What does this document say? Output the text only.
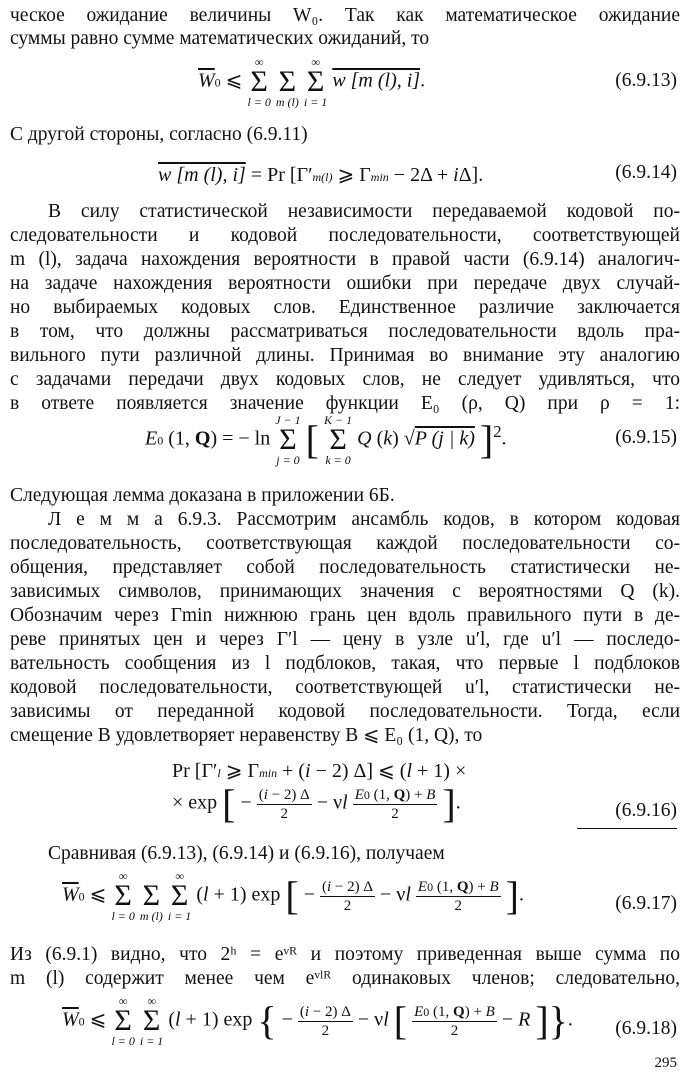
ческое ожидание величины W₀. Так как математическое ожидание
суммы равно сумме математических ожиданий, то
$\overline{W}0$ ⩽
∞
Σ
l = 0

Σ
m (l)

∞
Σ
i = 1
w [m (l), i].	(6.9.13)
С другой стороны, согласно (6.9.11)
w [m (l), i] = Pr [Γ′m(l) ⩾ Γmin − 2Δ + iΔ].	(6.9.14)
В силу статистической независимости передаваемой кодовой по-
следовательности и кодовой последовательности, соответствующей
m (l), задача нахождения вероятности в правой части (6.9.14) аналогич-
на задаче нахождения вероятности ошибки при передаче двух случай-
но выбираемых кодовых слов. Единственное различие заключается
в том, что должны рассматриваться последовательности вдоль пра-
вильного пути различной длины. Принимая во внимание эту аналогию
с задачами передачи двух кодовых слов, не следует удивляться, что
в ответе появляется значение функции E₀ (ρ, Q) при ρ = 1:
E0 (1, Q) = − ln
J − 1
Σ
j = 0 [ K − 1
Σ
k = 0
Q (k) √P (j | k) ]$^2$.	(6.9.15)
Следующая лемма доказана в приложении 6Б.
Л е м м а 6.9.3. Рассмотрим ансамбль кодов, в котором кодовая
последовательность, соответствующая каждой последовательности со-
общения, представляет собой последовательность статистически не-
зависимых символов, принимающих значения с вероятностями Q (k).
Обозначим через Γmin нижнюю грань цен вдоль правильного пути в де-
реве принятых цен и через Γ′l — цену в узле u′l, где u′l — последо-
вательность сообщения из l подблоков, такая, что первые l подблоков
кодовой последовательности, соответствующей u′l, статистически не-
зависимы от переданной кодовой последовательности. Тогда, если
смещение B удовлетворяет неравенству B ⩽ E₀ (1, Q), то
Pr [Γ′l ⩾ Γmin + (i − 2) Δ] ⩽ (l + 1) ×
× exp [ − $\frac{(i - 2) \Delta}{2} - \nu l \frac{E0 (1, Q) + B}{2}$ ].	(6.9.16)
Сравнивая (6.9.13), (6.9.14) и (6.9.16), получаем
$\overline{W}0$ ⩽
∞
Σ
l = 0

Σ
m (l)

∞
Σ
i = 1
(l + 1) exp [ − $\frac{(i - 2) \Delta}{2} - \nu l \frac{E0 (1, Q) + B}{2}$ ].	(6.9.17)
Из (6.9.1) видно, что 2ʰ = eᵛᴿ и поэтому приведенная выше сумма по
m (l) содержит менее чем eᵛˡᴿ одинаковых членов; следовательно,
$\overline{W}0$ ⩽
∞
Σ
l = 0

∞
Σ
i = 1
(l + 1) exp { − $\frac{(i - 2) \Delta}{2} - \nu l$ [ $\frac{E0 (1, Q) + B}{2} - R$ ]}. (6.9.18)
295
